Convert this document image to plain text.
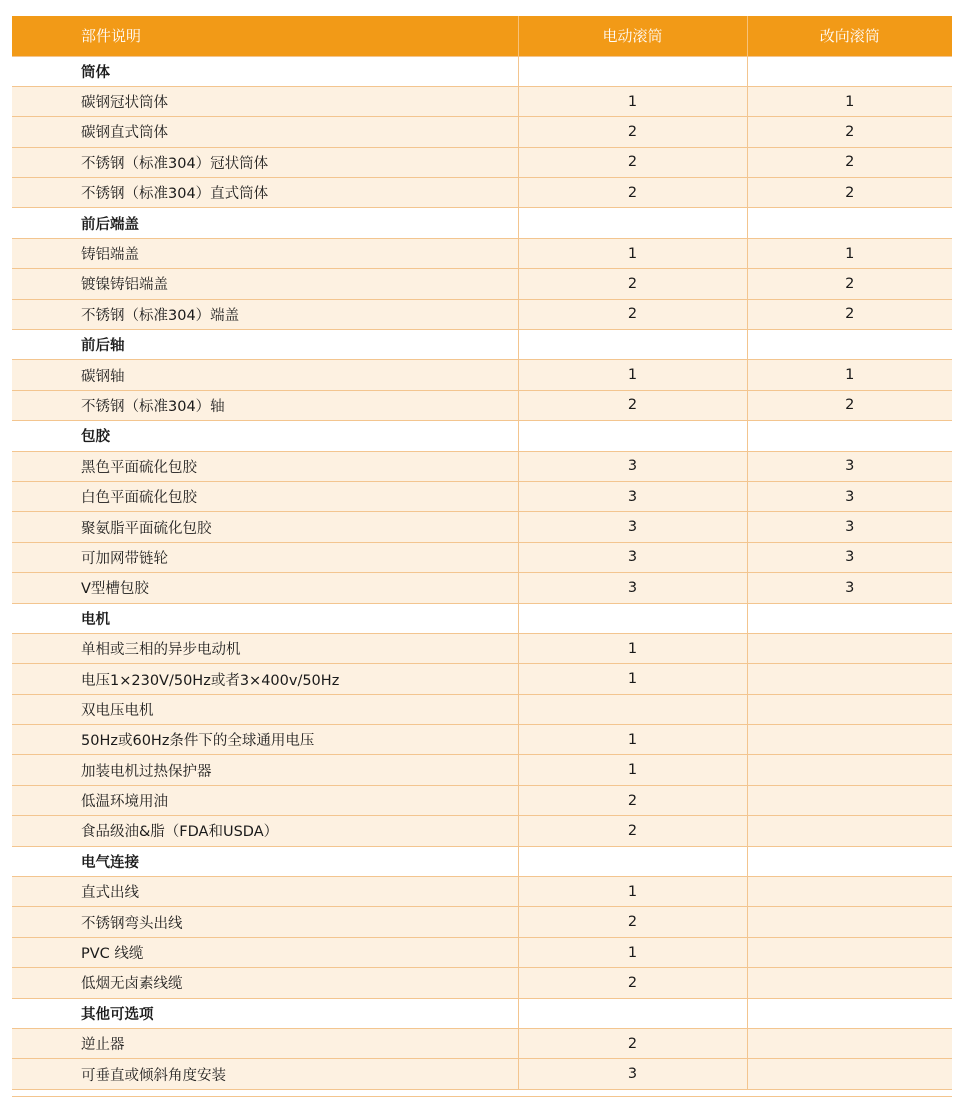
部件说明	电动滚筒	改向滚筒
筒体		
碳钢冠状筒体	1	1
碳钢直式筒体	2	2
不锈钢（标准304）冠状筒体	2	2
不锈钢（标准304）直式筒体	2	2
前后端盖		
铸铝端盖	1	1
镀镍铸铝端盖	2	2
不锈钢（标准304）端盖	2	2
前后轴		
碳钢轴	1	1
不锈钢（标准304）轴	2	2
包胶		
黑色平面硫化包胶	3	3
白色平面硫化包胶	3	3
聚氨脂平面硫化包胶	3	3
可加网带链轮	3	3
V型槽包胶	3	3
电机		
单相或三相的异步电动机	1	
电压1×230V/50Hz或者3×400v/50Hz	1	
双电压电机		
50Hz或60Hz条件下的全球通用电压	1	
加装电机过热保护器	1	
低温环境用油	2	
食品级油&脂（FDA和USDA）	2	
电气连接		
直式出线	1	
不锈钢弯头出线	2	
PVC 线缆	1	
低烟无卤素线缆	2	
其他可选项		
逆止器	2	
可垂直或倾斜角度安装	3	
